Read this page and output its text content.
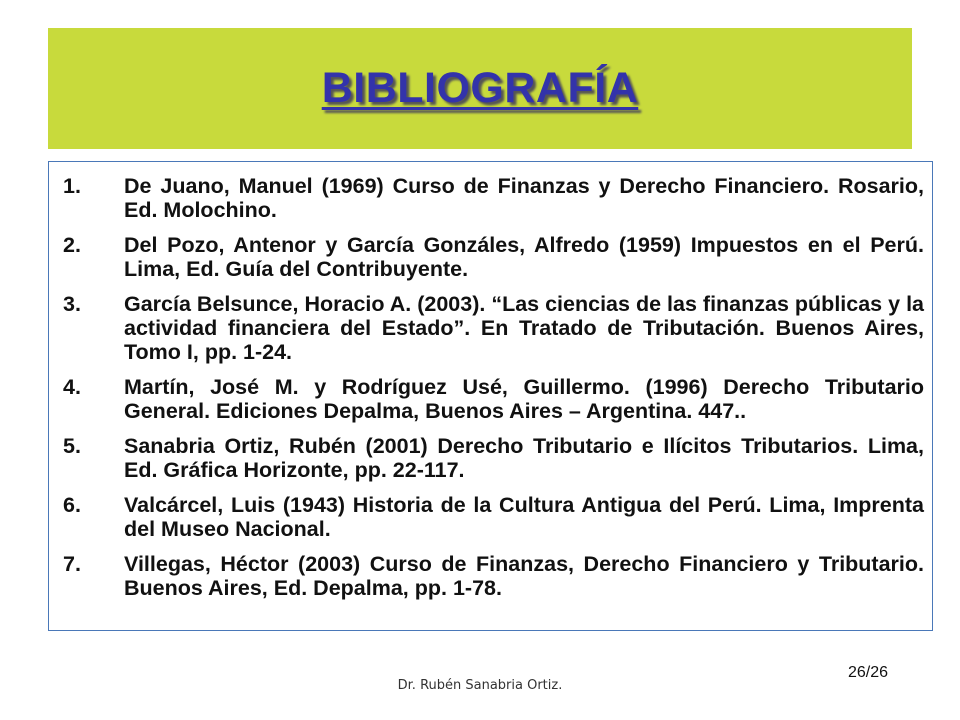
BIBLIOGRAFÍA
1.	De Juano, Manuel (1969) Curso de Finanzas y Derecho Financiero. Rosario, Ed. Molochino.
2.	Del Pozo, Antenor y García Gonzáles, Alfredo (1959) Impuestos en el Perú. Lima, Ed. Guía del Contribuyente.
3.	García Belsunce, Horacio A. (2003). “Las ciencias de las finanzas públicas y la actividad financiera del Estado”. En Tratado de Tributación. Buenos Aires, Tomo I, pp. 1-24.
4.	Martín, José M. y Rodríguez Usé, Guillermo. (1996) Derecho Tributario General. Ediciones Depalma, Buenos Aires – Argentina. 447..
5.	Sanabria Ortiz, Rubén (2001) Derecho Tributario e Ilícitos Tributarios. Lima, Ed. Gráfica Horizonte, pp. 22-117.
6.	Valcárcel, Luis (1943) Historia de la Cultura Antigua del Perú. Lima, Imprenta del Museo Nacional.
7.	Villegas, Héctor (2003) Curso de Finanzas, Derecho Financiero y Tributario. Buenos Aires, Ed. Depalma, pp. 1-78.
26/26
Dr. Rubén Sanabria Ortiz.
